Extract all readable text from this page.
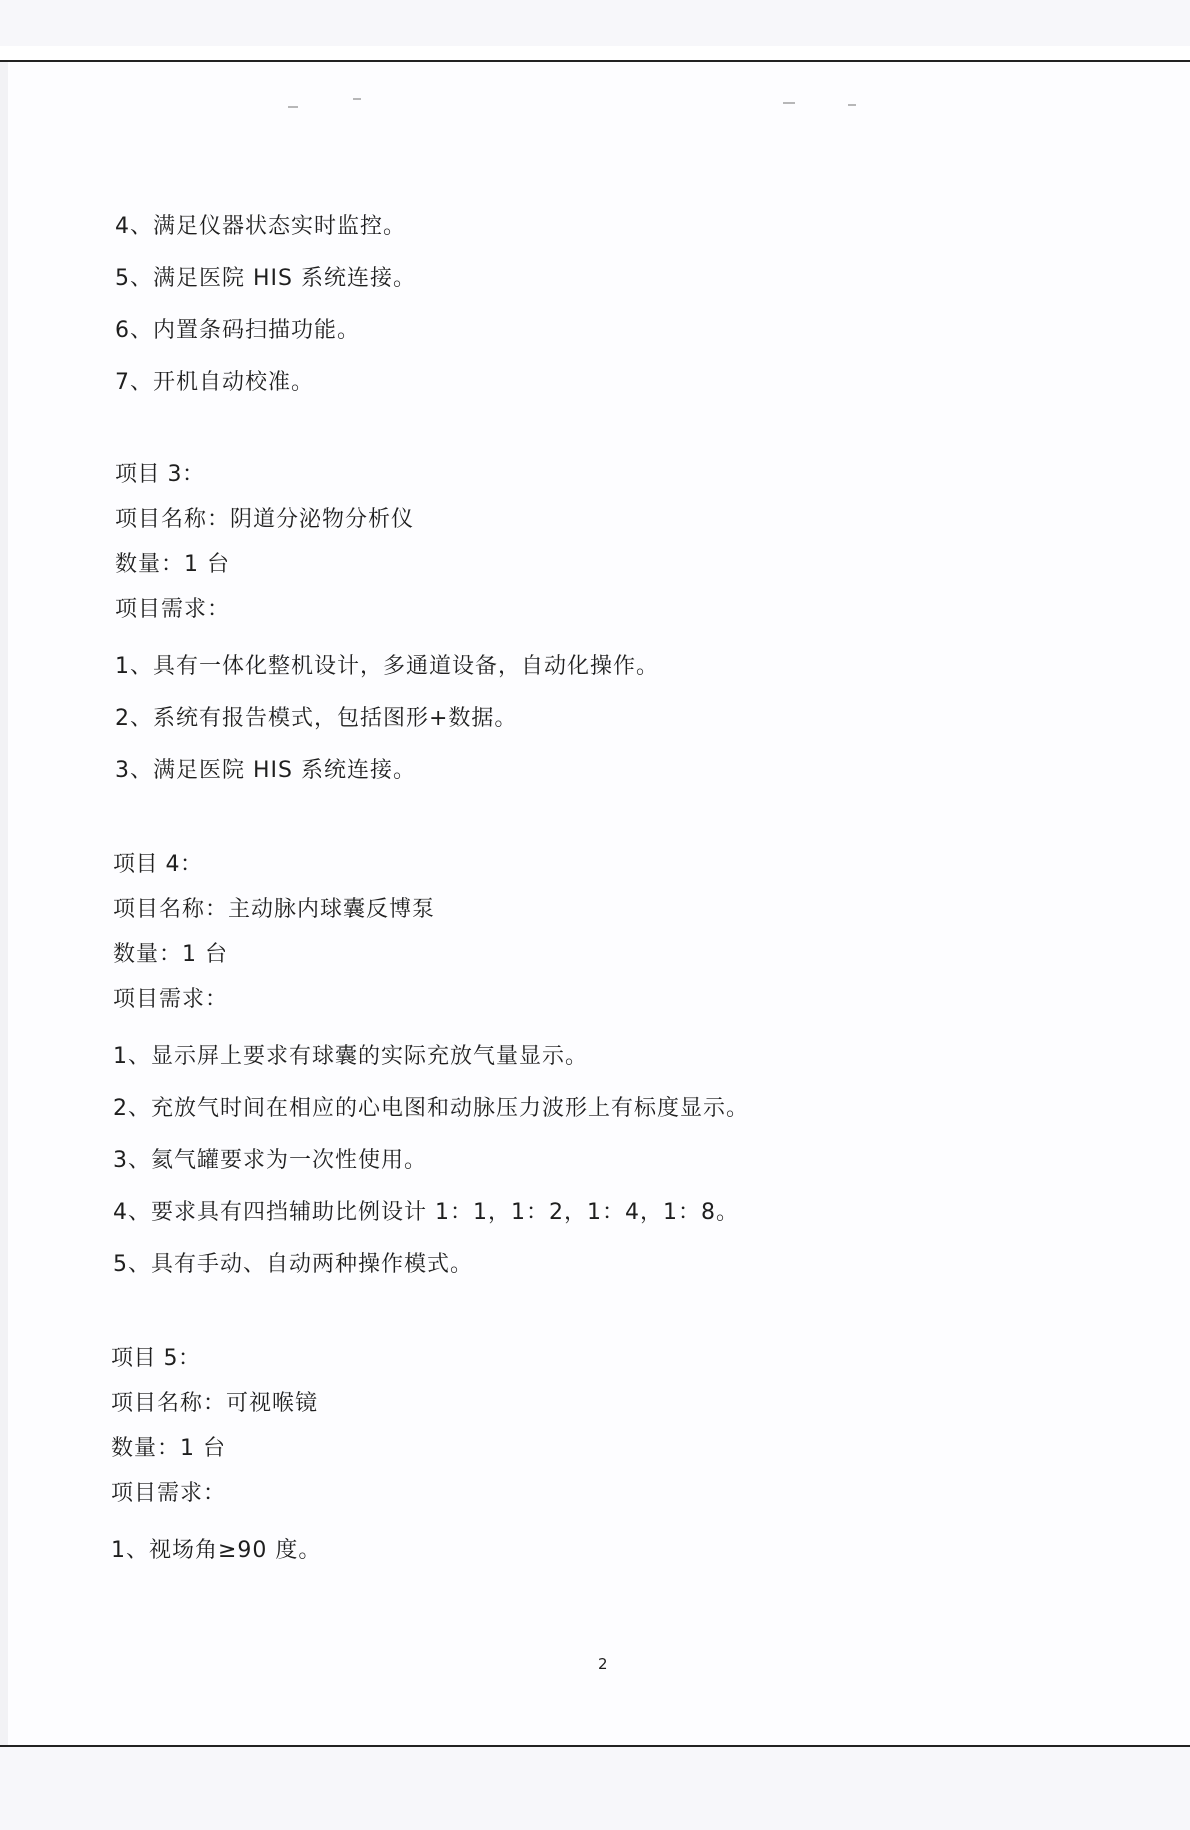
4、满足仪器状态实时监控。
5、满足医院 HIS 系统连接。
6、内置条码扫描功能。
7、开机自动校准。
项目 3：
项目名称：阴道分泌物分析仪
数量：1 台
项目需求：
1、具有一体化整机设计，多通道设备，自动化操作。
2、系统有报告模式，包括图形+数据。
3、满足医院 HIS 系统连接。
项目 4：
项目名称：主动脉内球囊反博泵
数量：1 台
项目需求：
1、显示屏上要求有球囊的实际充放气量显示。
2、充放气时间在相应的心电图和动脉压力波形上有标度显示。
3、氦气罐要求为一次性使用。
4、要求具有四挡辅助比例设计 1：1，1：2，1：4，1：8。
5、具有手动、自动两种操作模式。
项目 5：
项目名称：可视喉镜
数量：1 台
项目需求：
1、视场角≥90 度。
2
